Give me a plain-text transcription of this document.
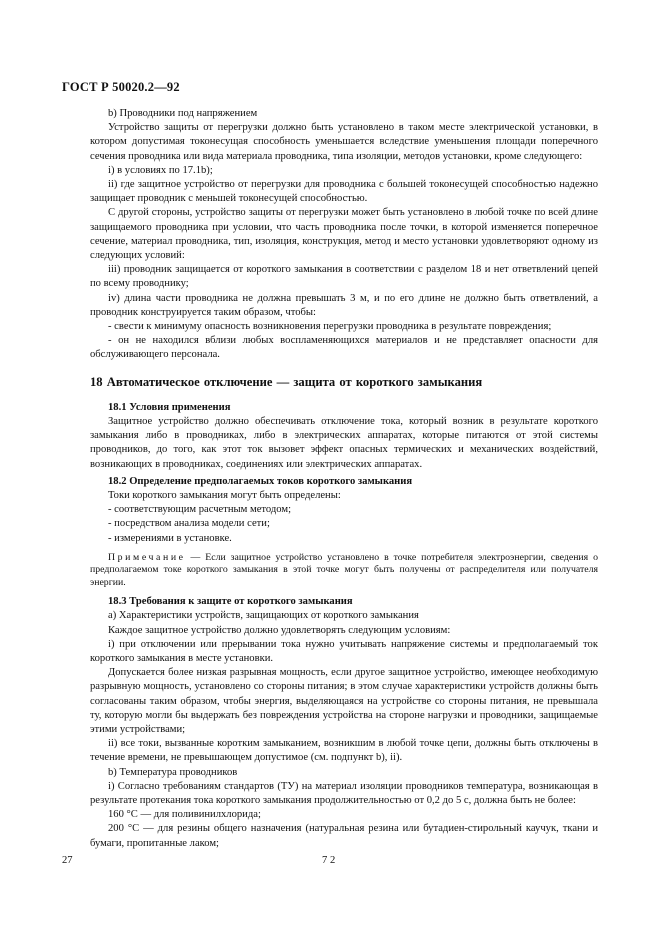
ГОСТ Р 50020.2—92

b) Проводники под напряжением

Устройство защиты от перегрузки должно быть установлено в таком месте электрической установки, в котором допустимая токонесущая способность уменьшается вследствие уменьшения площади поперечного сечения проводника или вида материала проводника, типа изоляции, методов установки, кроме следующего:

i) в условиях по 17.1b);

ii) где защитное устройство от перегрузки для проводника с большей токонесущей способностью надежно защищает проводник с меньшей токонесущей способностью.

С другой стороны, устройство защиты от перегрузки может быть установлено в любой точке по всей длине защищаемого проводника при условии, что часть проводника после точки, в которой изменяется поперечное сечение, материал проводника, тип, изоляция, конструкция, метод и место установки удовлетворяют одному из следующих условий:

iii) проводник защищается от короткого замыкания в соответствии с разделом 18 и нет ответвлений цепей по всему проводнику;

iv) длина части проводника не должна превышать 3 м, и по его длине не должно быть ответвлений, а проводник конструируется таким образом, чтобы:

- свести к минимуму опасность возникновения перегрузки проводника в результате повреждения;

- он не находился вблизи любых воспламеняющихся материалов и не представляет опасности для обслуживающего персонала.

18 Автоматическое отключение — защита от короткого замыкания

18.1 Условия применения

Защитное устройство должно обеспечивать отключение тока, который возник в результате короткого замыкания либо в проводниках, либо в электрических аппаратах, которые питаются от этой системы проводников, до того, как этот ток вызовет эффект опасных термических и механических воздействий, возникающих в проводниках, соединениях или электрических аппаратах.

18.2 Определение предполагаемых токов короткого замыкания

Токи короткого замыкания могут быть определены:

- соответствующим расчетным методом;

- посредством анализа модели сети;

- измерениями в установке.

Примечание — Если защитное устройство установлено в точке потребителя электроэнергии, сведения о предполагаемом токе короткого замыкания в этой точке могут быть получены от распределителя или получателя энергии.

18.3 Требования к защите от короткого замыкания

а) Характеристики устройств, защищающих от короткого замыкания

Каждое защитное устройство должно удовлетворять следующим условиям:

i) при отключении или прерывании тока нужно учитывать напряжение системы и предполагаемый ток короткого замыкания в месте установки.

Допускается более низкая разрывная мощность, если другое защитное устройство, имеющее необходимую разрывную мощность, установлено со стороны питания; в этом случае характеристики устройств должны быть согласованы таким образом, чтобы энергия, выделяющаяся на устройстве со стороны питания, не превышала ту, которую могли бы выдержать без повреждения устройства на стороне нагрузки и проводники, защищаемые этими устройствами;

ii) все токи, вызванные коротким замыканием, возникшим в любой точке цепи, должны быть отключены в течение времени, не превышающем допустимое (см. подпункт b), ii).

b) Температура проводников

i) Согласно требованиям стандартов (ТУ) на материал изоляции проводников температура, возникающая в результате протекания тока короткого замыкания продолжительностью от 0,2 до 5 с, должна быть не более:

160 °С — для поливинилхлорида;

200 °С — для резины общего назначения (натуральная резина или бутадиен-стирольный каучук, ткани и бумаги, пропитанные лаком;

27	7 2
